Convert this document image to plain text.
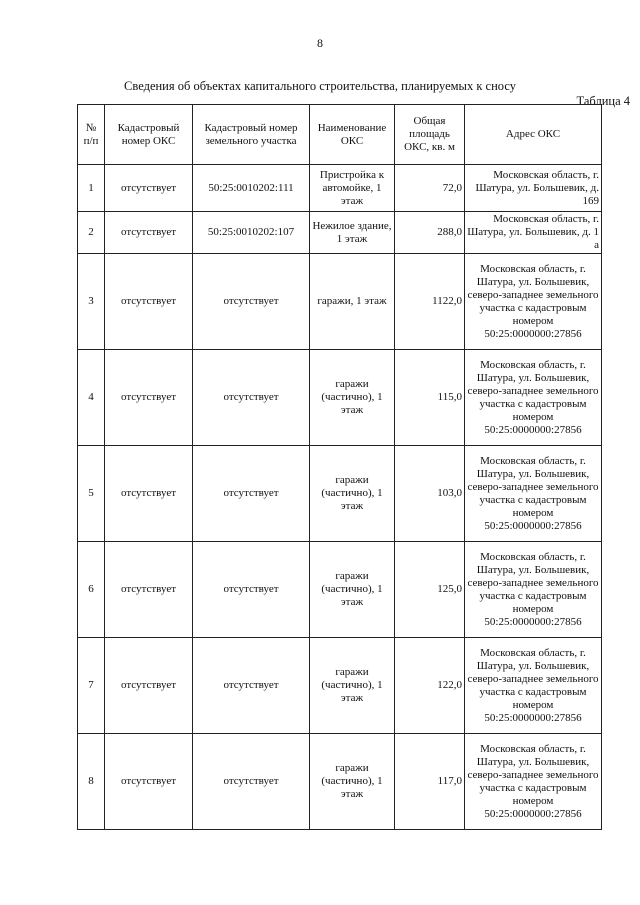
8
Сведения об объектах капитального строительства, планируемых к сносу
Таблица 4
№ п/п	Кадастровый номер ОКС	Кадастровый номер земельного участка	Наименование ОКС	Общая площадь ОКС, кв. м	Адрес ОКС
1	отсутствует	50:25:0010202:111	Пристройка к автомойке, 1 этаж	72,0	Московская область, г. Шатура, ул. Большевик, д. 169
2	отсутствует	50:25:0010202:107	Нежилое здание, 1 этаж	288,0	Московская область, г. Шатура, ул. Большевик, д. 1 а
3	отсутствует	отсутствует	гаражи, 1 этаж	1122,0	Московская область, г. Шатура, ул. Большевик, северо-западнее земельного участка с кадастровым номером 50:25:0000000:27856
4	отсутствует	отсутствует	гаражи (частично), 1 этаж	115,0	Московская область, г. Шатура, ул. Большевик, северо-западнее земельного участка с кадастровым номером 50:25:0000000:27856
5	отсутствует	отсутствует	гаражи (частично), 1 этаж	103,0	Московская область, г. Шатура, ул. Большевик, северо-западнее земельного участка с кадастровым номером 50:25:0000000:27856
6	отсутствует	отсутствует	гаражи (частично), 1 этаж	125,0	Московская область, г. Шатура, ул. Большевик, северо-западнее земельного участка с кадастровым номером 50:25:0000000:27856
7	отсутствует	отсутствует	гаражи (частично), 1 этаж	122,0	Московская область, г. Шатура, ул. Большевик, северо-западнее земельного участка с кадастровым номером 50:25:0000000:27856
8	отсутствует	отсутствует	гаражи (частично), 1 этаж	117,0	Московская область, г. Шатура, ул. Большевик, северо-западнее земельного участка с кадастровым номером 50:25:0000000:27856
